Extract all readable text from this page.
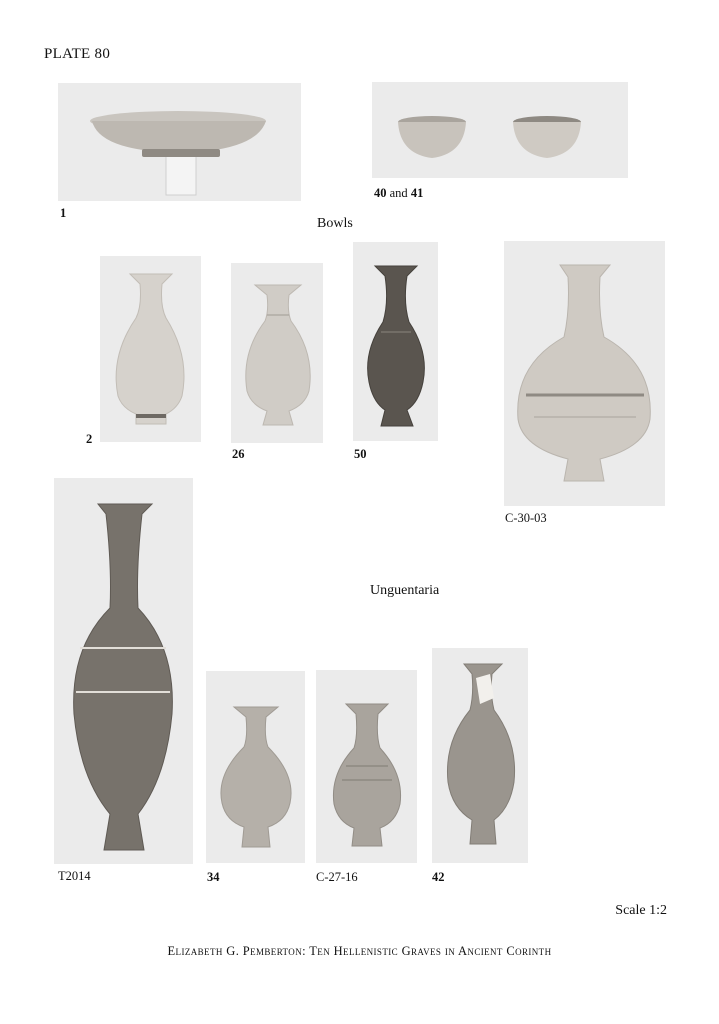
PLATE 80
1
40 and 41
Bowls
2
26	50
C-30-03
T2014
Unguentaria
34	C-27-16	42
Scale 1:2
Elizabeth G. Pemberton: Ten Hellenistic Graves in Ancient Corinth
